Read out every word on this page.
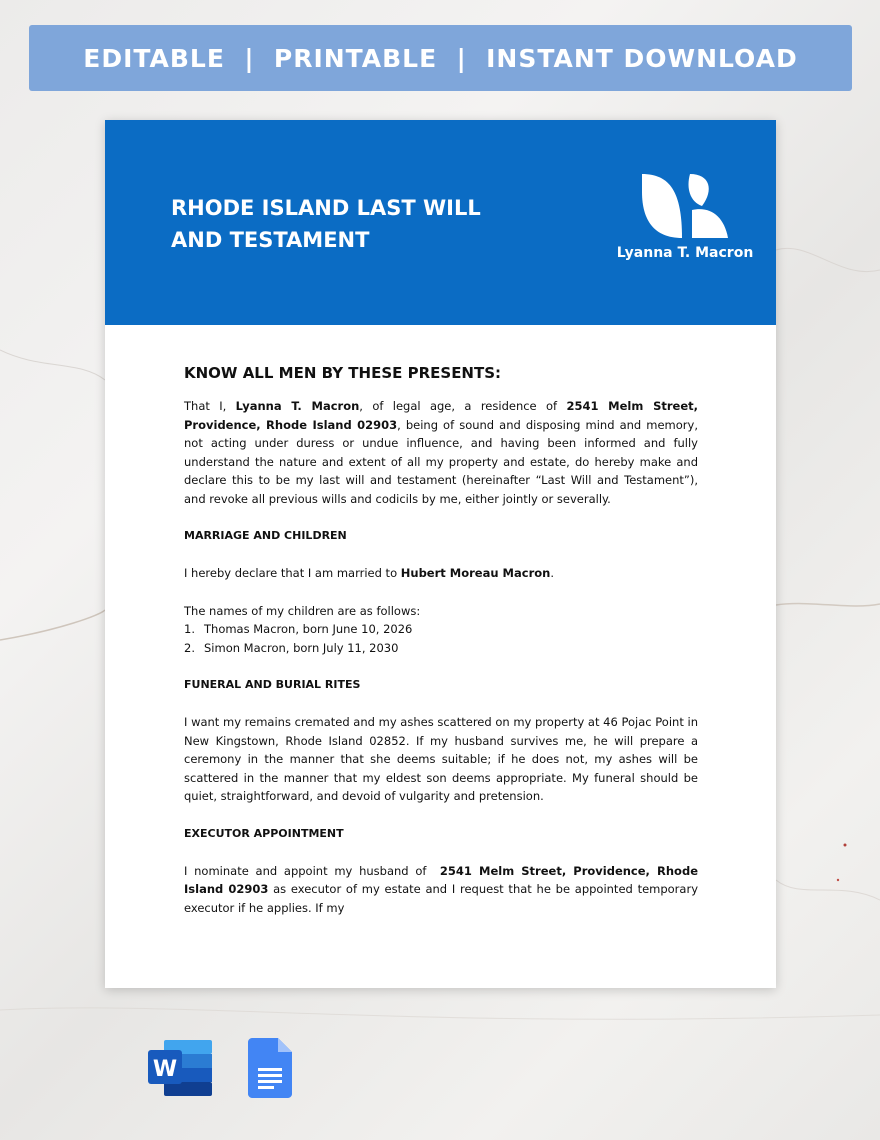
EDITABLE  |  PRINTABLE  |  INSTANT DOWNLOAD
RHODE ISLAND LAST WILL
AND TESTAMENT
Lyanna T. Macron
KNOW ALL MEN BY THESE PRESENTS:

That I, Lyanna T. Macron, of legal age, a residence of 2541 Melm Street, Providence, Rhode Island 02903, being of sound and disposing mind and memory, not acting under duress or undue influence, and having been informed and fully understand the nature and extent of all my property and estate, do hereby make and declare this to be my last will and testament (hereinafter “Last Will and Testament”), and revoke all previous wills and codicils by me, either jointly or severally.

MARRIAGE AND CHILDREN

I hereby declare that I am married to Hubert Moreau Macron.

The names of my children are as follows:
1. Thomas Macron, born June 10, 2026
2. Simon Macron, born July 11, 2030
FUNERAL AND BURIAL RITES

I want my remains cremated and my ashes scattered on my property at 46 Pojac Point in New Kingstown, Rhode Island 02852. If my husband survives me, he will prepare a ceremony in the manner that she deems suitable; if he does not, my ashes will be scattered in the manner that my eldest son deems appropriate. My funeral should be quiet, straightforward, and devoid of vulgarity and pretension.

EXECUTOR APPOINTMENT

I nominate and appoint my husband of  2541 Melm Street, Providence, Rhode Island 02903 as executor of my estate and I request that he be appointed temporary executor if he applies. If my

W
